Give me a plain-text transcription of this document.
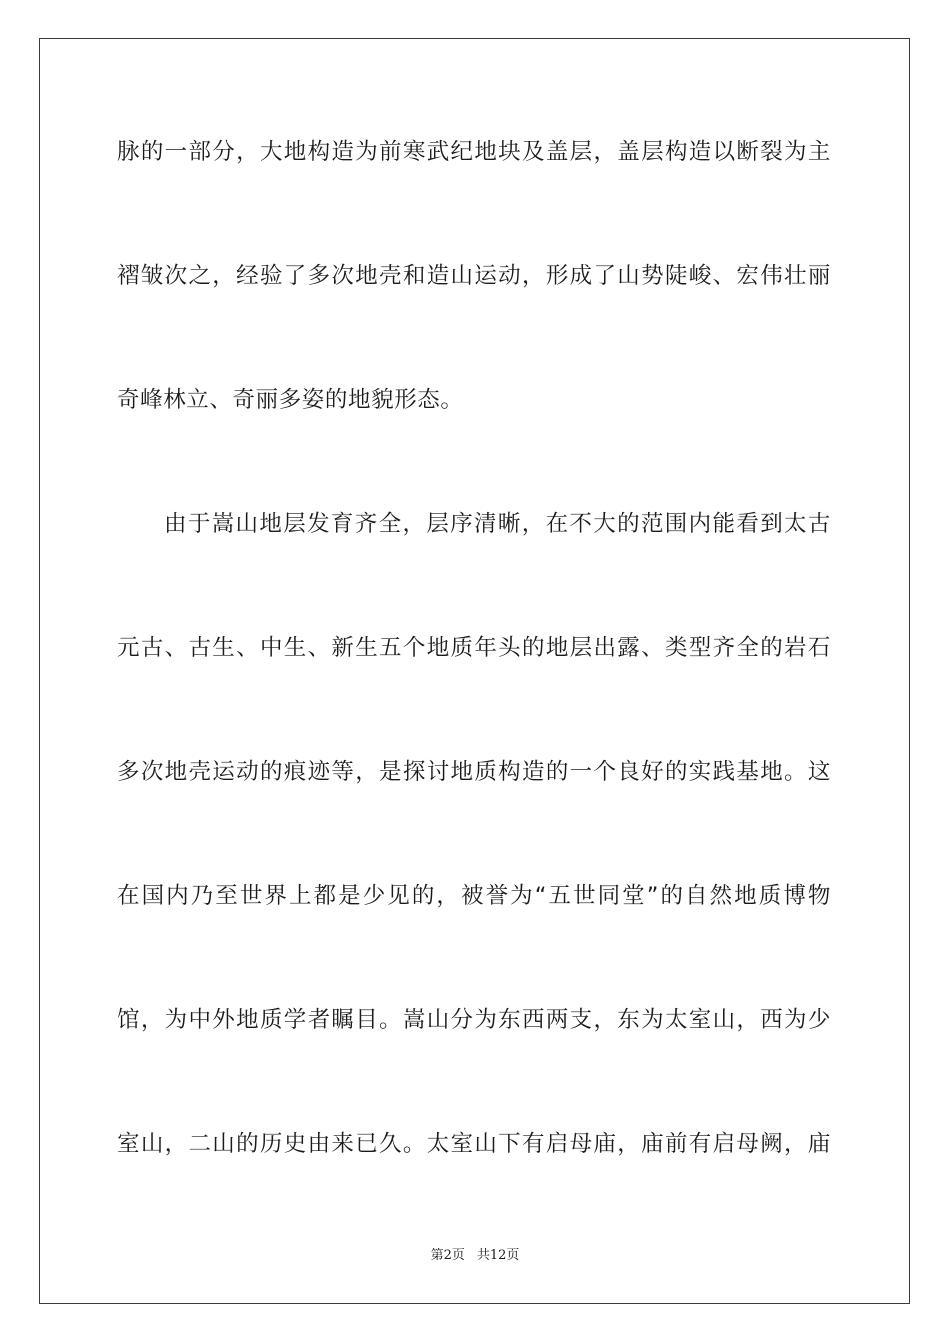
脉的一部分，大地构造为前寒武纪地块及盖层，盖层构造以断裂为主
褶皱次之，经验了多次地壳和造山运动，形成了山势陡峻、宏伟壮丽
奇峰林立、奇丽多姿的地貌形态。
由于嵩山地层发育齐全，层序清晰，在不大的范围内能看到太古
元古、古生、中生、新生五个地质年头的地层出露、类型齐全的岩石
多次地壳运动的痕迹等，是探讨地质构造的一个良好的实践基地。这
在国内乃至世界上都是少见的，被誉为“五世同堂”的自然地质博物
馆，为中外地质学者瞩目。嵩山分为东西两支，东为太室山，西为少
室山，二山的历史由来已久。太室山下有启母庙，庙前有启母阙，庙
第2页 共12页
